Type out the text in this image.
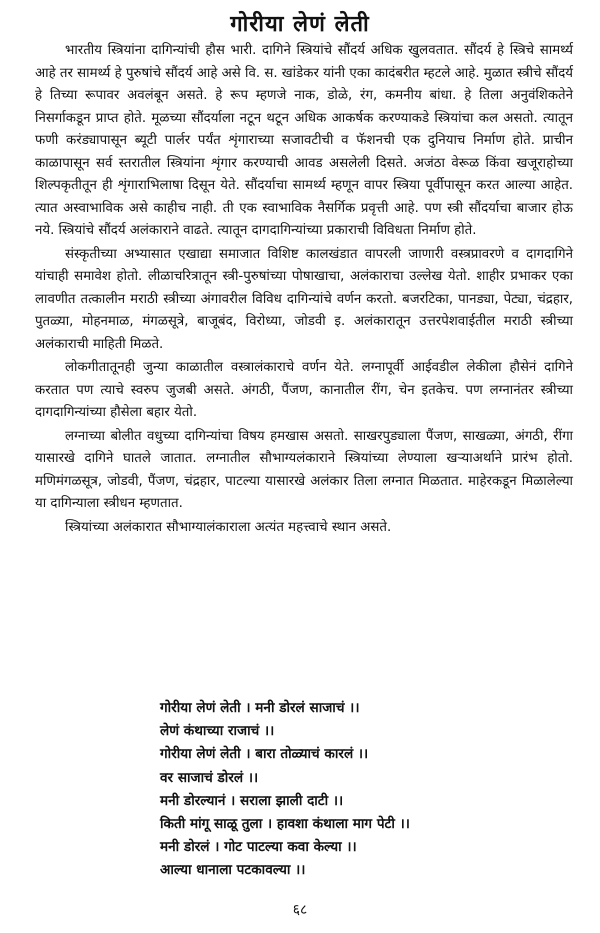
गोरीया लेणं लेती

भारतीय स्त्रियांना दागिन्यांची हौस भारी. दागिने स्त्रियांचे सौंदर्य अधिक खुलवतात. सौंदर्य हे स्त्रिचे सामर्थ्य आहे तर सामर्थ्य हे पुरुषांचे सौंदर्य आहे असे वि. स. खांडेकर यांनी एका कादंबरीत म्हटले आहे. मुळात स्त्रीचे सौंदर्य हे तिच्या रूपावर अवलंबून असते. हे रूप म्हणजे नाक, डोळे, रंग, कमनीय बांधा. हे तिला अनुवंशिकतेने निसर्गाकडून प्राप्त होते. मूळच्या सौंदर्याला नटून थटून अधिक आकर्षक करण्याकडे स्त्रियांचा कल असतो. त्यातून फणी करंड्यापासून ब्यूटी पार्लर पर्यंत शृंगाराच्या सजावटीची व फॅशनची एक दुनियाच निर्माण होते. प्राचीन काळापासून सर्व स्तरातील स्त्रियांना शृंगार करण्याची आवड असलेली दिसते. अजंठा वेरूळ किंवा खजूराहोच्या शिल्पकृतीतून ही शृंगाराभिलाषा दिसून येते. सौंदर्याचा सामर्थ्य म्हणून वापर स्त्रिया पूर्वीपासून करत आल्या आहेत. त्यात अस्वाभाविक असे काहीच नाही. ती एक स्वाभाविक नैसर्गिक प्रवृत्ती आहे. पण स्त्री सौंदर्याचा बाजार होऊ नये. स्त्रियांचे सौंदर्य अलंकाराने वाढते. त्यातून दागदागिन्यांच्या प्रकाराची विविधता निर्माण होते.

संस्कृतीच्या अभ्यासात एखाद्या समाजात विशिष्ट कालखंडात वापरली जाणारी वस्त्रप्रावरणे व दागदागिने यांचाही समावेश होतो. लीळाचरित्रातून स्त्री-पुरुषांच्या पोषाखाचा, अलंकाराचा उल्लेख येतो. शाहीर प्रभाकर एका लावणीत तत्कालीन मराठी स्त्रीच्या अंगावरील विविध दागिन्यांचे वर्णन करतो. बजरटिका, पानड्या, पेट्या, चंद्रहार, पुतळ्या, मोहनमाळ, मंगळसूत्रे, बाजूबंद, विरोध्या, जोडवी इ. अलंकारातून उत्तरपेशवाईतील मराठी स्त्रीच्या अलंकाराची माहिती मिळते.

लोकगीतातूनही जुन्या काळातील वस्त्रालंकाराचे वर्णन येते. लग्नापूर्वी आईवडील लेकीला हौसेनं दागिने करतात पण त्याचे स्वरुप जुजबी असते. अंगठी, पैंजण, कानातील रींग, चेन इतकेच. पण लग्नानंतर स्त्रीच्या दागदागिन्यांच्या हौसेला बहार येतो.

लग्नाच्या बोलीत वधुच्या दागिन्यांचा विषय हमखास असतो. साखरपुड्याला पैंजण, साखळ्या, अंगठी, रींगा यासारखे दागिने घातले जातात. लग्नातील सौभाग्यलंकाराने स्त्रियांच्या लेण्याला खऱ्याअर्थाने प्रारंभ होतो. मणिमंगळसूत्र, जोडवी, पैंजण, चंद्रहार, पाटल्या यासारखे अलंकार तिला लग्नात मिळतात. माहेरकडून मिळालेल्या या दागिन्याला स्त्रीधन म्हणतात.

स्त्रियांच्या अलंकारात सौभाग्यालंकाराला अत्यंत महत्त्वाचे स्थान असते.

गोरीया लेणं लेती । मनी डोरलं साजाचं ।।
लेणं कंथाच्या राजाचं ।।
गोरीया लेणं लेती । बारा तोळ्याचं कारलं ।।
वर साजाचं डोरलं ।।
मनी डोरल्यानं । सराला झाली दाटी ।।
किती मांगू साळू तुला । हावशा कंथाला माग पेटी ।।
मनी डोरलं । गोट पाटल्या कवा केल्या ।।
आल्या धानाला पटकावल्या ।।
६८
